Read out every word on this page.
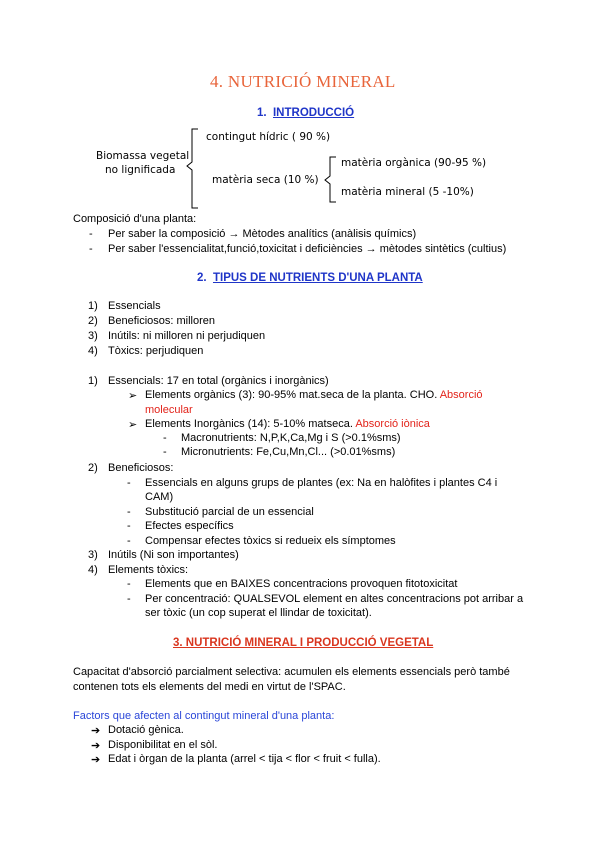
4. NUTRICIÓ MINERAL
1. INTRODUCCIÓ
Biomassa vegetal
no lignificada
contingut hídric ( 90 %)
matèria seca (10 %)
matèria orgànica (90-95 %)
matèria mineral (5 -10%)
Composició d'una planta:
- Per saber la composició → Mètodes analítics (anàlisis químics)
- Per saber l'essencialitat,funció,toxicitat i deficiències → mètodes sintètics (cultius)
2. TIPUS DE NUTRIENTS D'UNA PLANTA
1) Essencials
2) Beneficiosos: milloren
3) Inútils: ni milloren ni perjudiquen
4) Tòxics: perjudiquen
1) Essencials: 17 en total (orgànics i inorgànics)
➢ Elements orgànics (3): 90-95% mat.seca de la planta. CHO. Absorció
molecular
➢ Elements Inorgànics (14): 5-10% matseca. Absorció iònica
- Macronutrients: N,P,K,Ca,Mg i S (>0.1%sms)
- Micronutrients: Fe,Cu,Mn,Cl... (>0.01%sms)
2) Beneficiosos:
- Essencials en alguns grups de plantes (ex: Na en halòfites i plantes C4 i
CAM)
- Substitució parcial de un essencial
- Efectes específics
- Compensar efectes tòxics si redueix els símptomes
3) Inútils (Ni son importantes)
4) Elements tòxics:
- Elements que en BAIXES concentracions provoquen fitotoxicitat
- Per concentració: QUALSEVOL element en altes concentracions pot arribar a
ser tòxic (un cop superat el llindar de toxicitat).
3. NUTRICIÓ MINERAL I PRODUCCIÓ VEGETAL
Capacitat d'absorció parcialment selectiva: acumulen els elements essencials però també
contenen tots els elements del medi en virtut de l'SPAC.
Factors que afecten al contingut mineral d'una planta:
➔ Dotació gènica.
➔ Disponibilitat en el sòl.
➔ Edat i òrgan de la planta (arrel < tija < flor < fruit < fulla).
